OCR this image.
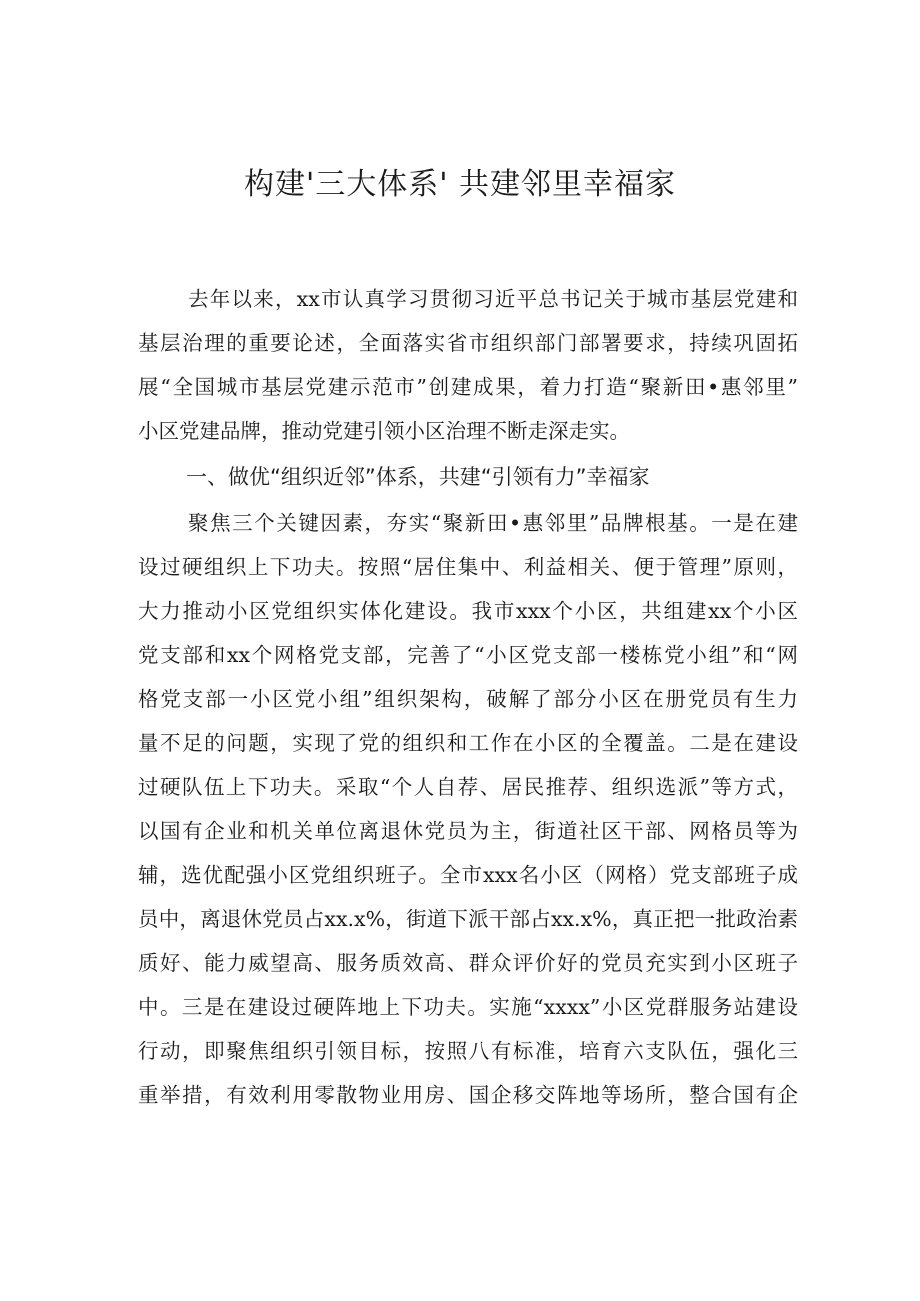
构建'三大体系' 共建邻里幸福家
去年以来，xx市认真学习贯彻习近平总书记关于城市基层党建和
基层治理的重要论述，全面落实省市组织部门部署要求，持续巩固拓
展“全国城市基层党建示范市”创建成果，着力打造“聚新田•惠邻里”
小区党建品牌，推动党建引领小区治理不断走深走实。
一、做优“组织近邻”体系，共建“引领有力”幸福家
聚焦三个关键因素，夯实“聚新田•惠邻里”品牌根基。一是在建
设过硬组织上下功夫。按照“居住集中、利益相关、便于管理”原则，
大力推动小区党组织实体化建设。我市xxx个小区，共组建xx个小区
党支部和xx个网格党支部，完善了“小区党支部一楼栋党小组”和“网
格党支部一小区党小组”组织架构，破解了部分小区在册党员有生力
量不足的问题，实现了党的组织和工作在小区的全覆盖。二是在建设
过硬队伍上下功夫。采取“个人自荐、居民推荐、组织选派”等方式，
以国有企业和机关单位离退休党员为主，街道社区干部、网格员等为
辅，选优配强小区党组织班子。全市xxx名小区（网格）党支部班子成
员中，离退休党员占xx.x%，街道下派干部占xx.x%，真正把一批政治素
质好、能力威望高、服务质效高、群众评价好的党员充实到小区班子
中。三是在建设过硬阵地上下功夫。实施“xxxx”小区党群服务站建设
行动，即聚焦组织引领目标，按照八有标准，培育六支队伍，强化三
重举措，有效利用零散物业用房、国企移交阵地等场所，整合国有企
